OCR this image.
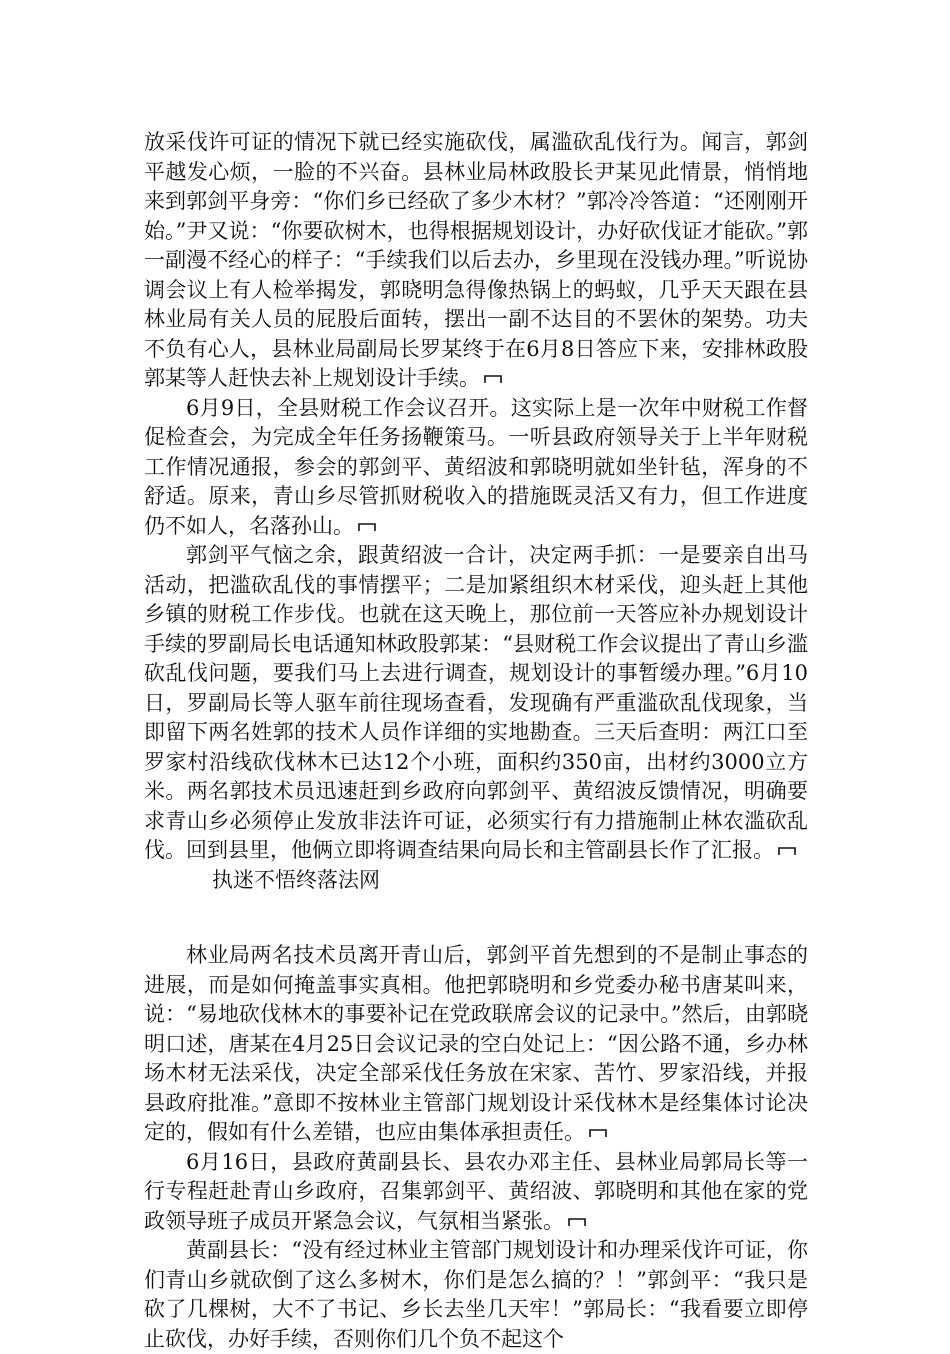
放采伐许可证的情况下就已经实施砍伐，属滥砍乱伐行为。闻言，郭剑平越发心烦，一脸的不兴奋。县林业局林政股长尹某见此情景，悄悄地来到郭剑平身旁：“你们乡已经砍了多少木材？”郭冷冷答道：“还刚刚开始。”尹又说：“你要砍树木，也得根据规划设计，办好砍伐证才能砍。”郭一副漫不经心的样子：“手续我们以后去办，乡里现在没钱办理。”听说协调会议上有人检举揭发，郭晓明急得像热锅上的蚂蚁，几乎天天跟在县林业局有关人员的屁股后面转，摆出一副不达目的不罢休的架势。功夫不负有心人，县林业局副局长罗某终于在6月8日答应下来，安排林政股郭某等人赶快去补上规划设计手续。

6月9日，全县财税工作会议召开。这实际上是一次年中财税工作督促检查会，为完成全年任务扬鞭策马。一听县政府领导关于上半年财税工作情况通报，参会的郭剑平、黄绍波和郭晓明就如坐针毡，浑身的不舒适。原来，青山乡尽管抓财税收入的措施既灵活又有力，但工作进度仍不如人，名落孙山。

郭剑平气恼之余，跟黄绍波一合计，决定两手抓：一是要亲自出马活动，把滥砍乱伐的事情摆平；二是加紧组织木材采伐，迎头赶上其他乡镇的财税工作步伐。也就在这天晚上，那位前一天答应补办规划设计手续的罗副局长电话通知林政股郭某：“县财税工作会议提出了青山乡滥砍乱伐问题，要我们马上去进行调查，规划设计的事暂缓办理。”6月10日，罗副局长等人驱车前往现场查看，发现确有严重滥砍乱伐现象，当即留下两名姓郭的技术人员作详细的实地勘查。三天后查明：两江口至罗家村沿线砍伐林木已达12个小班，面积约350亩，出材约3000立方米。两名郭技术员迅速赶到乡政府向郭剑平、黄绍波反馈情况，明确要求青山乡必须停止发放非法许可证，必须实行有力措施制止林农滥砍乱伐。回到县里，他俩立即将调查结果向局长和主管副县长作了汇报。

执迷不悟终落法网

林业局两名技术员离开青山后，郭剑平首先想到的不是制止事态的进展，而是如何掩盖事实真相。他把郭晓明和乡党委办秘书唐某叫来，说：“易地砍伐林木的事要补记在党政联席会议的记录中。”然后，由郭晓明口述，唐某在4月25日会议记录的空白处记上：“因公路不通，乡办林场木材无法采伐，决定全部采伐任务放在宋家、苦竹、罗家沿线，并报县政府批准。”意即不按林业主管部门规划设计采伐林木是经集体讨论决定的，假如有什么差错，也应由集体承担责任。

6月16日，县政府黄副县长、县农办邓主任、县林业局郭局长等一行专程赶赴青山乡政府，召集郭剑平、黄绍波、郭晓明和其他在家的党政领导班子成员开紧急会议，气氛相当紧张。

黄副县长：“没有经过林业主管部门规划设计和办理采伐许可证，你们青山乡就砍倒了这么多树木，你们是怎么搞的？！”郭剑平：“我只是砍了几棵树，大不了书记、乡长去坐几天牢！”郭局长：“我看要立即停止砍伐，办好手续，否则你们几个负不起这个
